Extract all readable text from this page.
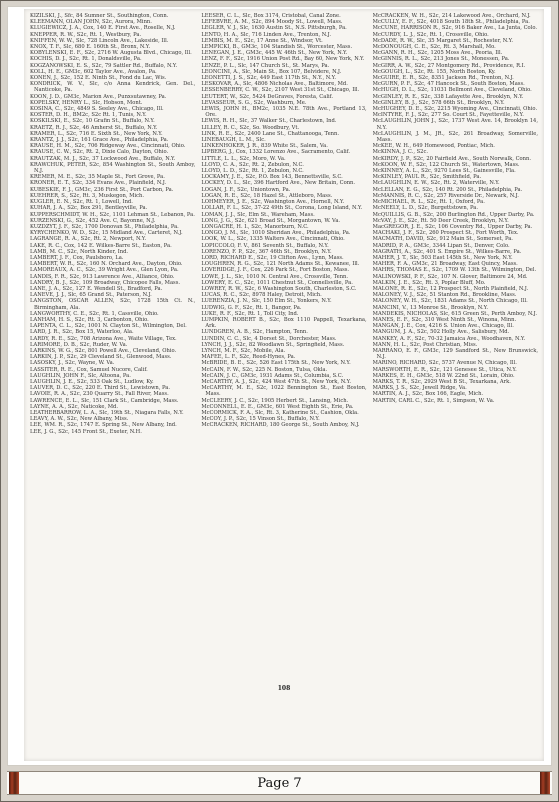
KIZILSKI, J., Sfc, 84 Sumner St., Southington, Conn.

KLEEMANN, OLAN JOHN, S2c, Aurora, Minn.

KLUGIEWICZ, J. A., Cox, 140 E. First Ave., Roselle, N.J.

KNEPPER, R. W., S2c, Rt. 1, Westbury, Pa.

KNIFFEN, W. W., Slc, 728 Lincoln Ave., Lakeside, Ill.

KNOX, T. F., Slc, 680 E. 160th St., Bronx, N.Y.

KOBYLENSKI, E. F., S2c, 2716 W. Augusta Blvd., Chicago, Ill.

KOCHIS, D. J., S2c, Rt. 1, Donaldsville, Pa.

KOGZANOWSKI, E. S., S2c, 79 Sattler Rd., Buffalo, N.Y.

KOLL, H. E., GM3c, 602 Taylor Ave., Avalon, Pa.

KONEN, J., S2c, 152 E. Ninth St., Fond du Lac, Wis.

KONDRICK, W. V., Slc, c/o Anna Kendrick, Gen. Del., Nanticoke, Pa.

KOON, J. D., GM3c, Marion Ave., Punxsutawney, Pa.

KOPELSKY, HENRY L., Slc, Hobson, Mont.

KOSINA, C., S2c, 4849 S. Seeley Ave., Chicago, Ill.

KOSTER, D. H., BM2c, S2c Rt. 1, Tunis, N.Y.

KOSKILSKI, E., S2c, 10 Grafin St., Buffalo, N.Y.

KRAETZ, R. J., S2c, 46 Amherst St., Buffalo, N.Y.

KRAMER, L., S2c, 716 E. Sixth St., New York, N.Y.

KRANTZ, J. J., S2c, 161 Grace Ave., Philadelphia, Pa.

KRAUSE, H. M., S2c, 706 Ridgeway Ave., Cincinnati, Ohio.

KRAUSE, C. W., S2c, Rt. 2, Dixie Calo, Dayton, Ohio.

KRAUTZAK, M. J., S2c, 37 Lockwood Ave., Buffalo, N.Y.

KRAWCHUK, PETER, S2c, 854 Washington St., South Amboy, N.J.

KREMER, M. E., S2c, 35 Maple St., Fort Grove, Pa.

KRONER, E. T., S2c, 334 Evans Ave., Plainfield, N.J.

KUBESKIE, F. J., GM3c, 236 First St., Port Carbon, Pa.

KUEHRER, S., S2c, Rt. 3, Muskegon, Mich.

KUGLER, E. N., S2c, Rt. 1, Lowell, Ind.

KUHAR, J. A., S2c, Box 291, Bentleyville, Pa.

KUPPERSCHMIDT, W. H., S2c, 1101 Lehman St., Lebanon, Pa.

KURZENSKI, G., S2c, 452 Ave. C, Bayonne, N.J.

KUZDZYT, J. F., S2c, 1700 Donovan St., Philadelphia, Pa.

KYRYCHENKO, W. D., S2c, 15 Midland Ave., Carteret, N.J.

LAGRANGE, R. A., S2c, Rt. 2, Newport, N.Y.

LAKE, R. C., Cox, 142 E. Wilkes-Barre St., Easton, Pa.

LAMB, M. C., S2c, North Kinder, Ind.

LAMBERT, J. F., Cox, Paulsboro, La.

LAMBERT, W. R., S2c, 160 N. Orchard Ave., Dayton, Ohio.

LAMOREAUX, A. C., S2c, 39 Wright Ave., Glen Lyon, Pa.

LANDIS, F. R., S2c, 913 Lawrence Ave., Alliance, Ohio.

LANDRY, B. J., S2c, 109 Broadway, Chicopee Falls, Mass.

LANE, J. A., S2c, 127 E. Wendell St., Bradford, Pa.

LANEVE, J. J., Slc, 65 Grand St., Paterson, N.J.

LANGSTON, OSCAR ALLEN, S2c, 1728 15th Ct. N., Birmingham, Ala.

LANGWORTHY, C. E., S2c, Rt. 1, Cassville, Ohio.

LANHAM, H. S., S2c, Rt. 3, Carbonton, Ohio.

LAPENTA, C. L., S2c, 1001 N. Clayton St., Wilmington, Del.

LARD, J. R., S2c, Box 15, Waterloo, Ala.

LARDY, R. E., S2c, 708 Arizona Ave., Waite Village, Tex.

LARIMORE, D. B., S2c, Ruder, W. Va.

LARKINS, W. G., S2c, 801 Powell Ave., Cleveland, Ohio.

LARKIN, J. P., S2c, 29 Cleveland St., Glenwood, Mass.

LASOSKY, J., S2c, Wayne, W. Va.

LASSITER, R. E., Cox, Samuel Nucore, Calif.

LAUGHLIN, JOHN F., Slc, Altoona, Pa.

LAUGHLIN, J. E., S2c, 533 Oak St., Ludlow, Ky.

LAUVER, D. C., S2c, 220 E. Third St., Lewistown, Pa.

LAVOIE, R. A., S2c, 230 Quarry St., Fall River, Mass.

LAWRENCE, E. L., Slc, 151 Clark St., Cambridge, Mass.

LAYNE, A. A., S2c, Naticoke, Md.

LEATHERBARROW, L. A., Slc, 19th St., Niagara Falls, N.Y.

LEAVY, A. W., S2c, New Albany, Miss.

LEE, WM. R., S2c, 1747 E. Spring St., New Albany, Ind.

LEE, J. G., S2c, 145 Front St., Exeter, N.H.

LEESER, C. L., Slc, Box 3174, Cristobal, Canal Zone.

LEFEBVRE, A. M., S2c, 894 Moody St., Lowell, Mass.

LEGLER, V. J., Slc, 1630 Austin St., N.S. Pittsburgh, Pa.

LENTO, H. A., Slc, 716 Linden Ave., Trenton, N.J.

LEMBIS, M. E., S2c, 17 Anne St., Windsor, Vt.

LEMPICKI, B., GM3c, 104 Standish St., Worcester, Mass.

LENEGAN, J. E., GM3c, 445 W. 46th St., New York, N.Y.

LENZ, F. F., S2c, 1916 Union Post Rd., Bay 60, New York, N.Y.

LENZE, P. L., Slc, 147 Church St., St. Marys, Pa.

LEONCINI, A., Slc, Main St., Box 107, Belvidere, N.J.

LEONETTI, J. S., S2c, 449 East 117th St., N.Y., N.Y.

LESKOVAR, A., Slc, 4806 Nicholas Ave., Baltimore, Md.

LESSENBERRY, C. W., S2c, 2107 West 31st St., Chicago, Ill.

LEUTERT, W., S2c, 5424 DeGraves, Foresta, Calif.

LEVASSEUR, S. G., S2c, Washburn, Me.

LEWIS, JOHN H., BM2c, 1035 N.E. 78th Ave., Portland 13, Ore.

LEWIS, R. H., Slc, 37 Walker St., Charlestown, Ind.

LILLEY, R. C., S2c, So. Woodbury, Vt.

LINK, R. E., S2c, 2400 Lane St., Chattanooga, Tenn.

LINEBAUGH, L. M., Slc.

LINKENHOKER, J. R., 839 White St., Salem, Va.

LIPBERG, J., Cox, 1332 Lorenzo Ave., Sacramento, Calif.

LITTLE, L. L., S2c, Moro, W. Va.

LLOYD, C. A., S2c, Rt. 2, Zebulon, N.C.

LLOYD, L. D., S2c, Rt. 1, Zebulon, N.C.

LOCKAMY, J. E., S2c, P.O. Box 143, Bennettsville, S.C.

LOCKEY, D. L., Slc, 396 Hartford Ave., New Britain, Conn.

LOGAN, J. F., S2c, Uniontown, Pa.

LOGAN, R. E., S2c, 18 Hazel St., Attleboro, Mass.

LOHMEYER, J. E., S2c, Washington Ave., Hornell, N.Y.

LOLLAR, F. L., S2c, 37-22 49th St., Corona, Long Island, N.Y.

LOMAN, J. J., Slc, Elm St., Wareham, Mass.

LONG, J. G., S2c, 621 Broad St., Morgantown, W. Va.

LONGACRE, H. I., S2c, Manorburn, N.C.

LONGO, J. M., Slc, 1010 Sheridan Ave., Philadelphia, Pa.

LOOK, W. L., S2c, 1335 Walters Ave., Cincinnati, Ohio.

LOPICCOLO, F. V., 861 Seventh St., Buffalo, N.Y.

LORENZO, F. P., S2c, 367 46th St., Brooklyn, N.Y.

LORD, RICHARD E., S2c, 19 Clifton Ave., Lynn, Mass.

LOUGHREN, R. G., S2c, 121 North Adams St., Kewanee, Ill.

LOVERIDGE, J. F., Cox, 226 Park St., Fort Boston, Mass.

LOWE, J. L., Slc, 1010 N. Central Ave., Crossville, Tenn.

LOWERY, E. C., S2c, 1011 Chestnut St., Connellsville, Pa.

LOWREY, R. W., S2c, 6 Washington South, Charleston, S.C.

LUCAS, R. C., S2c, 8978 Haley, Detroit, Mich.

LUERENZIA, J. N., Slc, 150 Elm St., Yonkers, N.Y.

LUDWIG, G. F., S2c, Rt. 1, Bangor, Pa.

LUKE, R. F., S2c, Rt. 1, Toll City, Ind.

LUMPKIN, ROBERT B., S2c, Box 1110 Pappell, Texarkana, Ark.

LUNDGREN, A. B., S2c, Hampton, Tenn.

LUNDIN, C. C., Slc, 4 Dorset St., Dorchester, Mass.

LYNCH, J. J., S2c, 82 Woodlawn St., Springfield, Mass.

LYNCH, M. F., S2c, Mobile, Ala.

MAFEE, L. F., S2c, Reed-Hynes, Pa.

McBRIDE, B. E., S2c, 526 East 175th St., New York, N.Y.

McCAIN, F. W., S2c, 225 N. Boston, Tulsa, Okla.

McCAIN, J. C., GM3c, 1931 Adams St., Columbia, S.C.

McCARTHY, A. J., S2c, 424 West 47th St., New York, N.Y.

McCARTHY, M. E., S2c, 1022 Bennington St., East Boston, Mass.

McCLEERY, J. C., S2c, 1905 Herbert St., Lansing, Mich.

McCONNELL, E. E., GM3c, 601 West Eighth St., Erie, Pa.

McCORMICK, F. A., Slc, Rt. 3, Katherine St., Cashion, Okla.

McCOY, J. P., S2c, 15 Vinson St., Buffalo, N.Y.

McCRACKEN, RICHARD, 180 George St., South Amboy, N.J.

McCRACKEN, W. H., S2c, 214 Lakewood Ave., Orchard, N.J.

McCULLY, E. F., S2c, 4018 South 18th St., Philadelphia, Pa.

McCUNE, HARRISON R., S2c, 916 Baker Ave., La Junta, Colo.

McCURDY, L. J., S2c, Rt. 1, Crossville, Ohio.

McDADE, R. W., Slc, 35 Margaret St., Rochester, N.Y.

McDONOUGH, C. E., S2c, Rt. 3, Marshall, Mo.

McGANN, R. H., S2c, 1205 Moss Ave., Peoria, Ill.

McGINNIS, R. L., S2c, 213 Jones St., Monessen, Pa.

McGIRR, A. W., S2c, 27 Montgomery Rd., Providence, R.I.

McGOUGH, L., S2c, Rt. 155, North Boston, Ky.

McGUIRE, E. R., S2c, 8351 Jackson Rd., Trenton, N.J.

McGURN, P. F., S2c, 47 Hancock St., South Boston, Mass.

McHUGH, D. L., S2c, 11031 Bellmont Ave., Cleveland, Ohio.

McGINLEY, R. E., S2c, 338 Lafayette Ave., Brooklyn, N.Y.

McGINLEY, B. J., S2c, 578 66th St., Brooklyn, N.Y.

McHUGHEY, D. E., S2c, 2215 Wyoming Ave., Cincinnati, Ohio.

McINTYRE, F. J., S2c, 277 So. Court St., Fayetteville, N.Y.

McLAUGHLIN, JOHN J., S2c, 1737 West Ave. 14, Brooklyn 14, N.Y.

McLAUGHLIN, J. M., JR., S2c, 261 Broadway, Somerville, Mass.

McKEE, W. H., 649 Homewood, Pontiac, Mich.

McKINNA, J. C., S2c.

McKIRDY, J. P., S2c, 20 Fairfield Ave., South Norwalk, Conn.

McKOON, W. F., S2c, 122 Church St., Watertown, Mass.

McKINNEY, A. L., S2c, 9270 Lees St., Gainesville, Fla.

McKINLEY, PAUL R., S2c, Smithfield, Pa.

McLAUGHLIN, E. W., S2c, Rt. 2, Waterville, N.Y.

McLELLAN, E. G., S2c, 140 Rt. 200 St., Philadelphia, Pa.

McMANNIS, R. C., S2c, 257 Riverside Dr., Newark, N.J.

McMICHAEL, R. L., S2c, Rt. 1, Oxford, Pa.

McNEELY, L. D., S2c, Burgettstown, Pa.

McQUILLIS, G. B., S2c, 200 Burlington Rd., Upper Darby, Pa.

McVAY, J. E., S2c, Rt. 50 Deer Creek, Brooklyn, N.Y.

MacGREGOR, J. E., S2c, 106 Coventry Rd., Upper Darby, Pa.

MACHAKI, J. F., S2c, 260 Prospect St., Fort Worth, Tex.

MACMATH, DAVID, S2c, 912 Main St., Somerset, Pa.

MADRID, P. A., GM3c, 3344 Lipan St., Denver, Colo.

MAGRATH, A., S2c, 401 S. Empire St., Wilkes-Barre, Pa.

MAHER, J. T., Slc, 503 East 145th St., New York, N.Y.

MAHER, F. A., GM3c, 21 Broadway, East Quincy, Mass.

MAHRS, THOMAS E., S2c, 1709 W. 13th St., Wilmington, Del.

MALINOWSKI, P. F., S2c, 107 N. Glover, Baltimore 24, Md.

MALKIN, J. E., S2c, Rt. 3, Poplar Bluff, Mo.

MALONE, R. E., S2c, 12 Prospect St., North Plainfield, N.J.

MALONEY, V. J., S2c, 51 Stanton Rd., Brookline, Mass.

MALONEY, W. H., S2c, 1831 Adams St., North Chicago, Ill.

MANCINI, V., 13 Monroe St., Brooklyn, N.Y.

MANDEKIS, NICHOLAS, Slc, 615 Green St., Perth Amboy, N.J.

MANES, E. F., S2c, 310 West Ninth St., Winona, Minn.

MANGAN, J. E., Cox, 4216 S. Union Ave., Chicago, Ill.

MANGUM, J. A., S2c, 502 Holly Ave., Salisbury, Md.

MANKEY, A. F., S2c, 70-32 Jamaica Ave., Woodhaven, N.Y.

MANN, H. L., S2c, Post Christian, Miss.

MARRANO, E. F., GM3c, 129 Sandford St., New Brunswick, N.J.

MARINO, RICHARD, S2c, 5737 Avenue N, Chicago, Ill.

MARSWORTH, E. R., S2c, 121 Genesee St., Utica, N.Y.

MARKES, E. H., GM3c, 518 W. 22nd St., Lorain, Ohio.

MARKS, T. R., S2c, 2929 West B St., Texarkana, Ark.

MARKS, J. S., S2c, Jewell Ridge, Va.

MARTIN, A. J., S2c, Box 166, Eagle, Mich.

MARTIN, CARL C., S2c, Rt. 1, Simpson, W. Va.

108
Page 7
